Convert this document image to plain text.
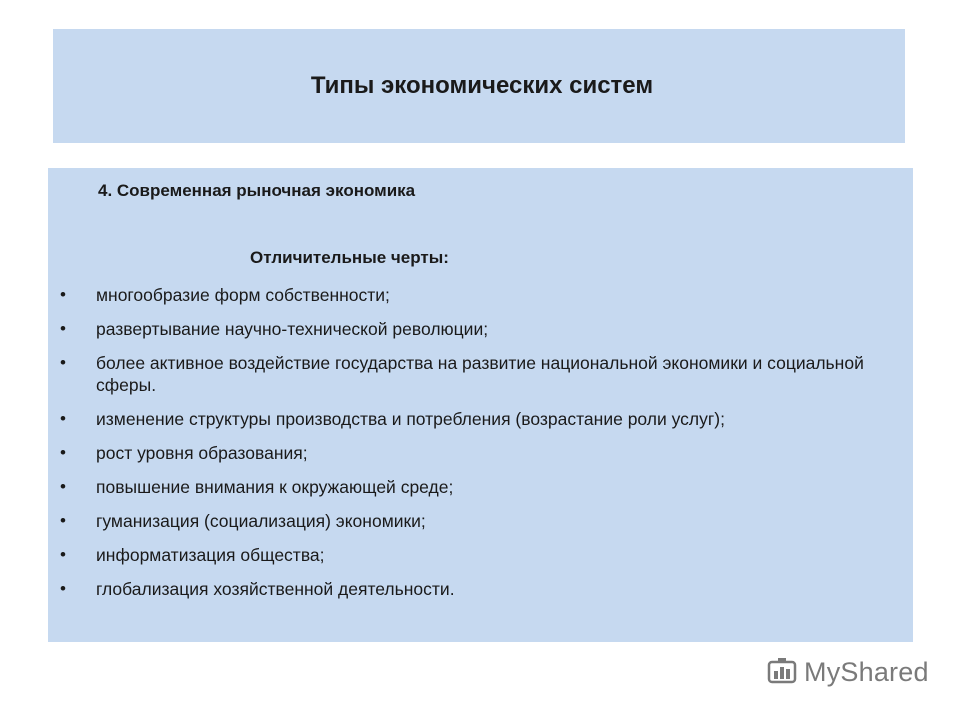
Типы экономических систем
4. Современная рыночная экономика
Отличительные черты:
• многообразие форм собственности;
• развертывание научно-технической революции;
• более активное воздействие государства на развитие национальной экономики и социальной сферы.
• изменение структуры производства и потребления (возрастание роли услуг);
• рост уровня образования;
• повышение внимания к окружающей среде;
• гуманизация (социализация) экономики;
• информатизация общества;
• глобализация хозяйственной деятельности.
MyShared
